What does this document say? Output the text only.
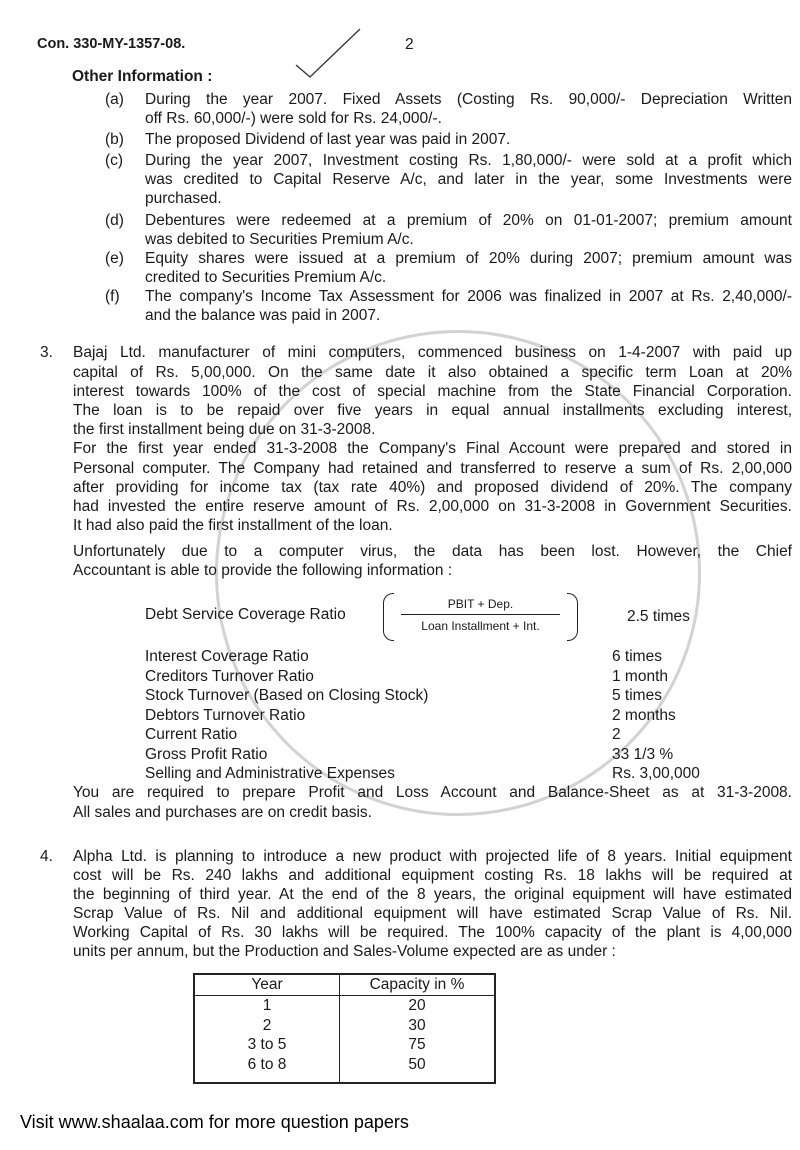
Con. 330-MY-1357-08.	2
Other Information :
(a) During the year 2007. Fixed Assets (Costing Rs. 90,000/- Depreciation Written
off Rs. 60,000/-) were sold for Rs. 24,000/-.
(b) The proposed Dividend of last year was paid in 2007.
(c) During the year 2007, Investment costing Rs. 1,80,000/- were sold at a profit which
was credited to Capital Reserve A/c, and later in the year, some Investments were
purchased.
(d) Debentures were redeemed at a premium of 20% on 01-01-2007; premium amount
was debited to Securities Premium A/c.
(e) Equity shares were issued at a premium of 20% during 2007; premium amount was
credited to Securities Premium A/c.
(f) The company's Income Tax Assessment for 2006 was finalized in 2007 at Rs. 2,40,000/-
and the balance was paid in 2007.
3. Bajaj Ltd. manufacturer of mini computers, commenced business on 1-4-2007 with paid up
capital of Rs. 5,00,000. On the same date it also obtained a specific term Loan at 20%
interest towards 100% of the cost of special machine from the State Financial Corporation.
The loan is to be repaid over five years in equal annual installments excluding interest,
the first installment being due on 31-3-2008.
For the first year ended 31-3-2008 the Company's Final Account were prepared and stored in
Personal computer. The Company had retained and transferred to reserve a sum of Rs. 2,00,000
after providing for income tax (tax rate 40%) and proposed dividend of 20%. The company
had invested the entire reserve amount of Rs. 2,00,000 on 31-3-2008 in Government Securities.
It had also paid the first installment of the loan.
Unfortunately due to a computer virus, the data has been lost. However, the Chief
Accountant is able to provide the following information :
PBIT + Dep.
Loan Installment + Int.
Debt Service Coverage Ratio	2.5 times
Interest Coverage Ratio	6 times
Creditors Turnover Ratio	1 month
Stock Turnover (Based on Closing Stock)	5 times
Debtors Turnover Ratio	2 months
Current Ratio	2
Gross Profit Ratio	33 1/3 %
Selling and Administrative Expenses	Rs. 3,00,000
You are required to prepare Profit and Loss Account and Balance-Sheet as at 31-3-2008.
All sales and purchases are on credit basis.
4. Alpha Ltd. is planning to introduce a new product with projected life of 8 years. Initial equipment
cost will be Rs. 240 lakhs and additional equipment costing Rs. 18 lakhs will be required at
the beginning of third year. At the end of the 8 years, the original equipment will have estimated
Scrap Value of Rs. Nil and additional equipment will have estimated Scrap Value of Rs. Nil.
Working Capital of Rs. 30 lakhs will be required. The 100% capacity of the plant is 4,00,000
units per annum, but the Production and Sales-Volume expected are as under :
Year	Capacity in %
1	20
2	30
3 to 5	75
6 to 8	50
Visit www.shaalaa.com for more question papers
